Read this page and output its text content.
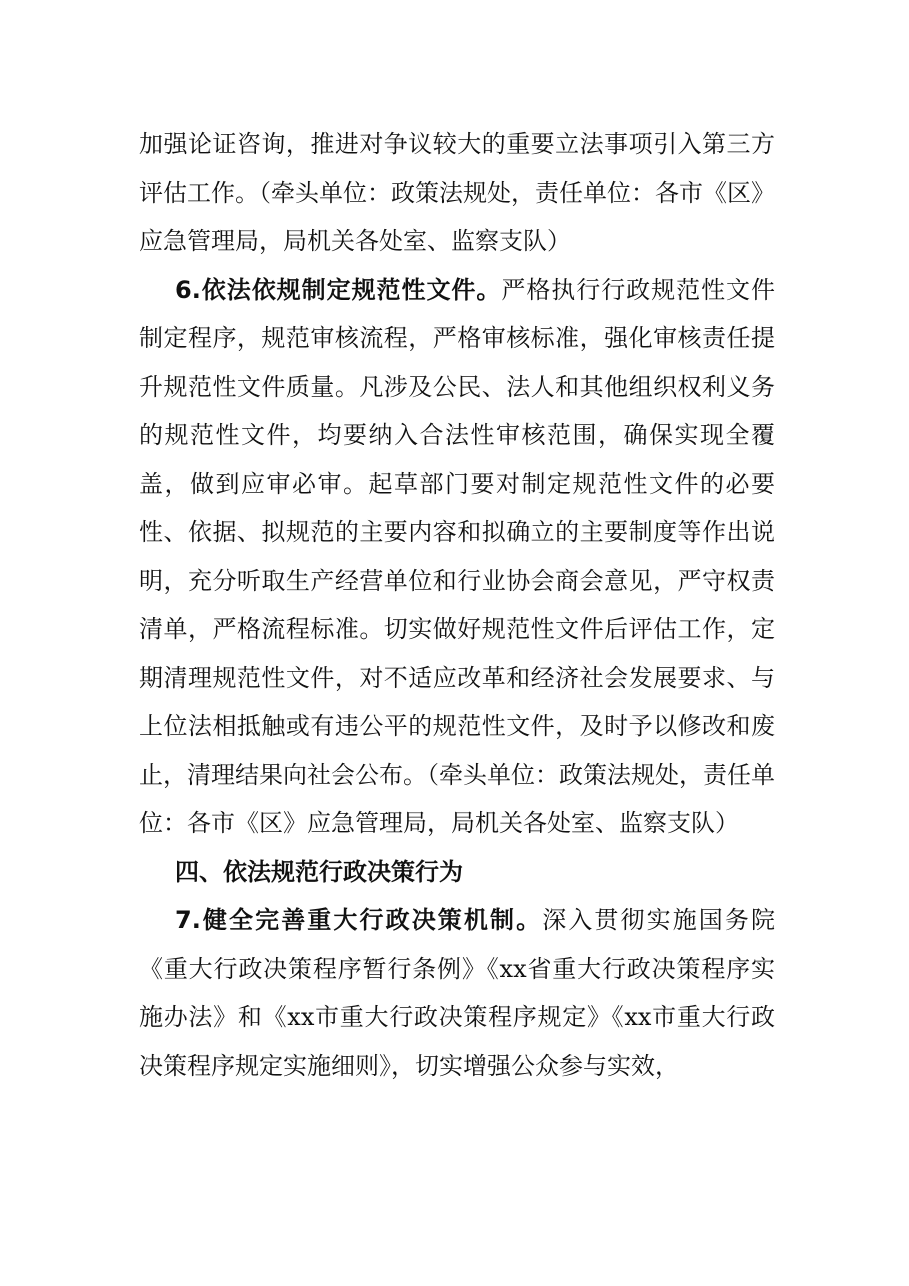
加强论证咨询，推进对争议较大的重要立法事项引入第三方评估工作。（牵头单位：政策法规处，责任单位：各市《区》应急管理局，局机关各处室、监察支队）

6.依法依规制定规范性文件。严格执行行政规范性文件制定程序，规范审核流程，严格审核标准，强化审核责任提升规范性文件质量。凡涉及公民、法人和其他组织权利义务的规范性文件，均要纳入合法性审核范围，确保实现全覆盖，做到应审必审。起草部门要对制定规范性文件的必要性、依据、拟规范的主要内容和拟确立的主要制度等作出说明，充分听取生产经营单位和行业协会商会意见，严守权责清单，严格流程标准。切实做好规范性文件后评估工作，定期清理规范性文件，对不适应改革和经济社会发展要求、与上位法相抵触或有违公平的规范性文件，及时予以修改和废止，清理结果向社会公布。（牵头单位：政策法规处，责任单位：各市《区》应急管理局，局机关各处室、监察支队）

四、依法规范行政决策行为

7.健全完善重大行政决策机制。深入贯彻实施国务院《重大行政决策程序暂行条例》《xx省重大行政决策程序实施办法》和《xx市重大行政决策程序规定》《xx市重大行政决策程序规定实施细则》，切实增强公众参与实效，
